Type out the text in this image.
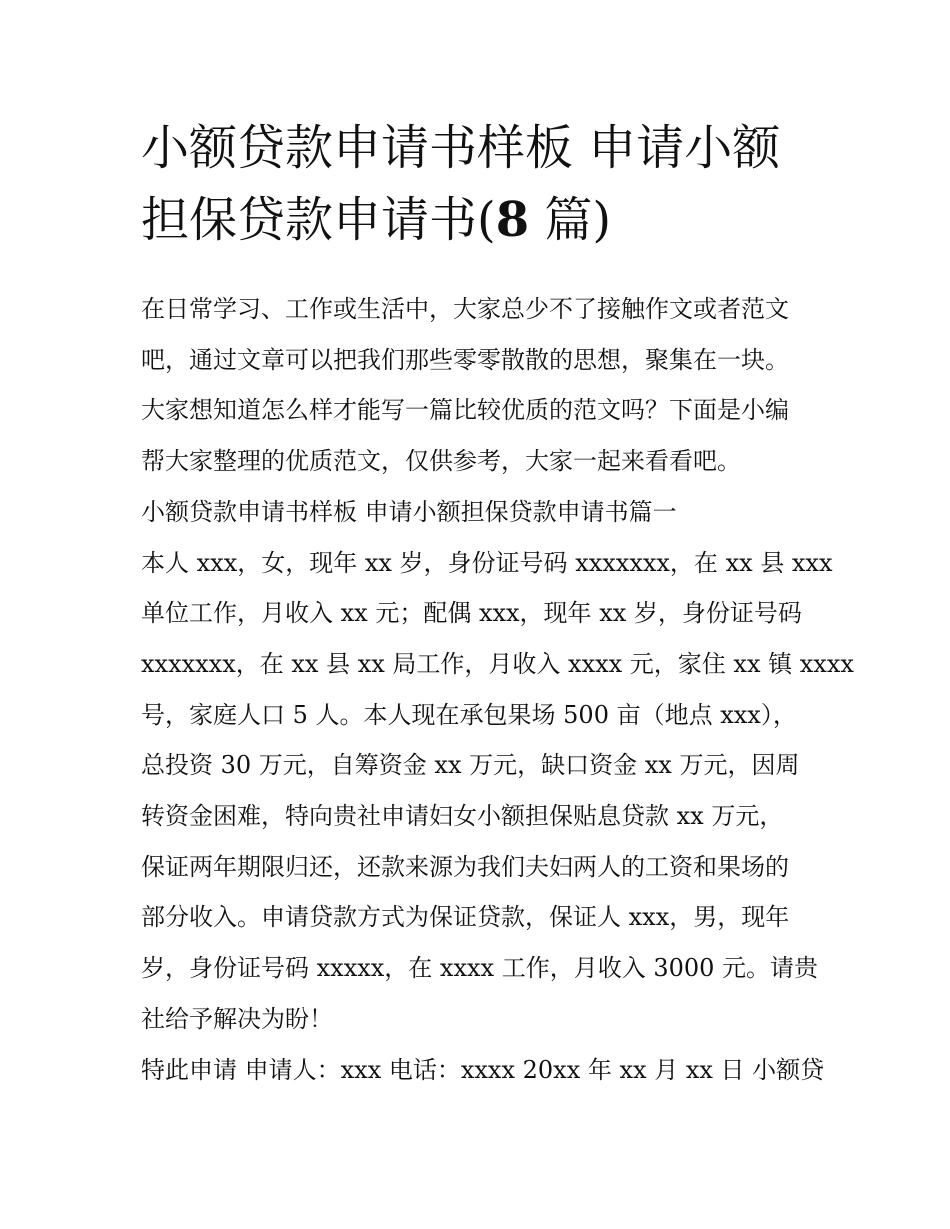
小额贷款申请书样板 申请小额
担保贷款申请书(8 篇)

在日常学习、工作或生活中，大家总少不了接触作文或者范文
吧，通过文章可以把我们那些零零散散的思想，聚集在一块。
大家想知道怎么样才能写一篇比较优质的范文吗？下面是小编
帮大家整理的优质范文，仅供参考，大家一起来看看吧。

小额贷款申请书样板 申请小额担保贷款申请书篇一

本人 xxx，女，现年 xx 岁，身份证号码 xxxxxxx，在 xx 县 xxx
单位工作，月收入 xx 元；配偶 xxx，现年 xx 岁，身份证号码
xxxxxxx，在 xx 县 xx 局工作，月收入 xxxx 元，家住 xx 镇 xxxx
号，家庭人口 5 人。本人现在承包果场 500 亩（地点 xxx），
总投资 30 万元，自筹资金 xx 万元，缺口资金 xx 万元，因周
转资金困难，特向贵社申请妇女小额担保贴息贷款 xx 万元，
保证两年期限归还，还款来源为我们夫妇两人的工资和果场的
部分收入。申请贷款方式为保证贷款，保证人 xxx，男，现年
岁，身份证号码 xxxxx，在 xxxx 工作，月收入 3000 元。请贵
社给予解决为盼！

特此申请 申请人：xxx 电话：xxxx 20xx 年 xx 月 xx 日 小额贷
